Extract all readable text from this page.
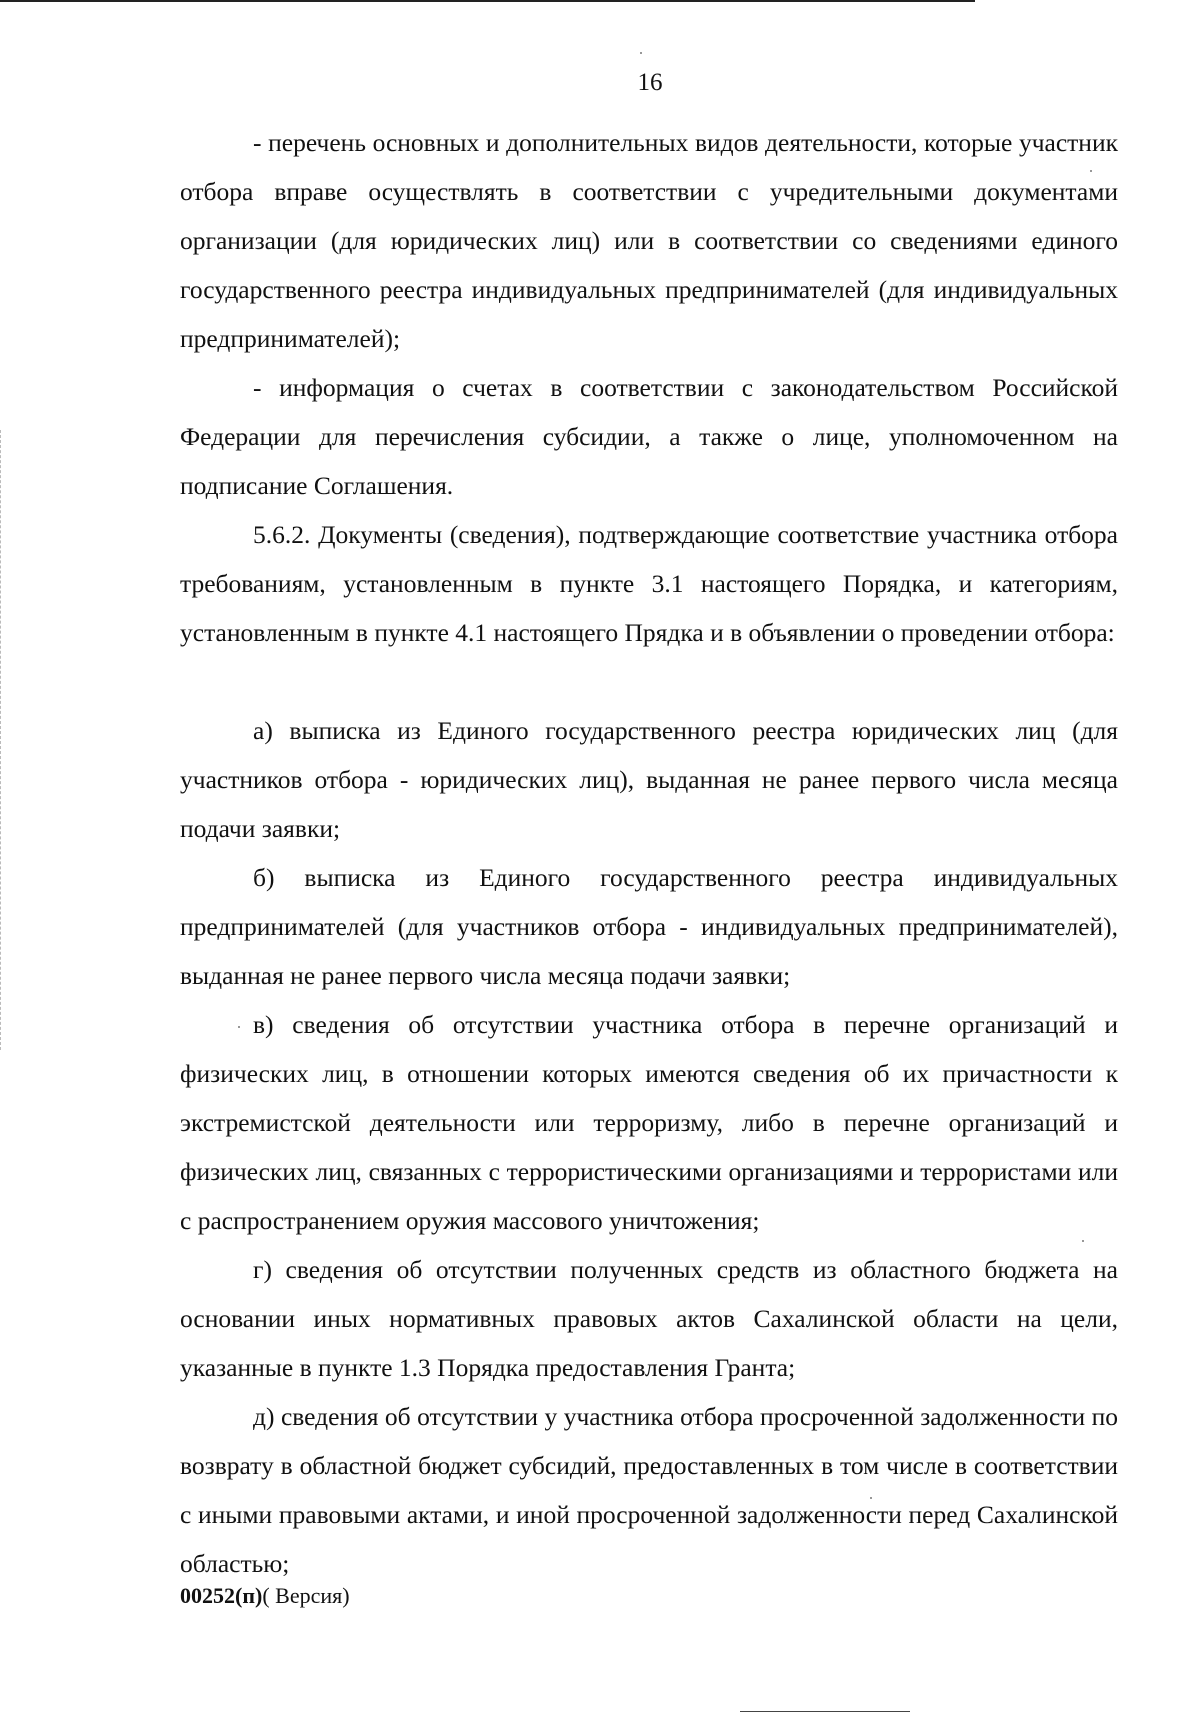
16

- перечень основных и дополнительных видов деятельности, которые участник отбора вправе осуществлять в соответствии с учредительными документами организации (для юридических лиц) или в соответствии со сведениями единого государственного реестра индивидуальных предпринимателей (для индивидуальных предпринимателей);

- информация о счетах в соответствии с законодательством Российской Федерации для перечисления субсидии, а также о лице, уполномоченном на подписание Соглашения.

5.6.2. Документы (сведения), подтверждающие соответствие участника отбора требованиям, установленным в пункте 3.1 настоящего Порядка, и категориям, установленным в пункте 4.1 настоящего Прядка и в объявлении о проведении отбора:

а) выписка из Единого государственного реестра юридических лиц (для участников отбора - юридических лиц), выданная не ранее первого числа месяца подачи заявки;

б) выписка из Единого государственного реестра индивидуальных предпринимателей (для участников отбора - индивидуальных предпринимателей), выданная не ранее первого числа месяца подачи заявки;

в) сведения об отсутствии участника отбора в перечне организаций и физических лиц, в отношении которых имеются сведения об их причастности к экстремистской деятельности или терроризму, либо в перечне организаций и физических лиц, связанных с террористическими организациями и террористами или с распространением оружия массового уничтожения;

г) сведения об отсутствии полученных средств из областного бюджета на основании иных нормативных правовых актов Сахалинской области на цели, указанные в пункте 1.3 Порядка предоставления Гранта;

д) сведения об отсутствии у участника отбора просроченной задолженности по возврату в областной бюджет субсидий, предоставленных в том числе в соответствии с иными правовыми актами, и иной просроченной задолженности перед Сахалинской областью;

00252(п)( Версия)
